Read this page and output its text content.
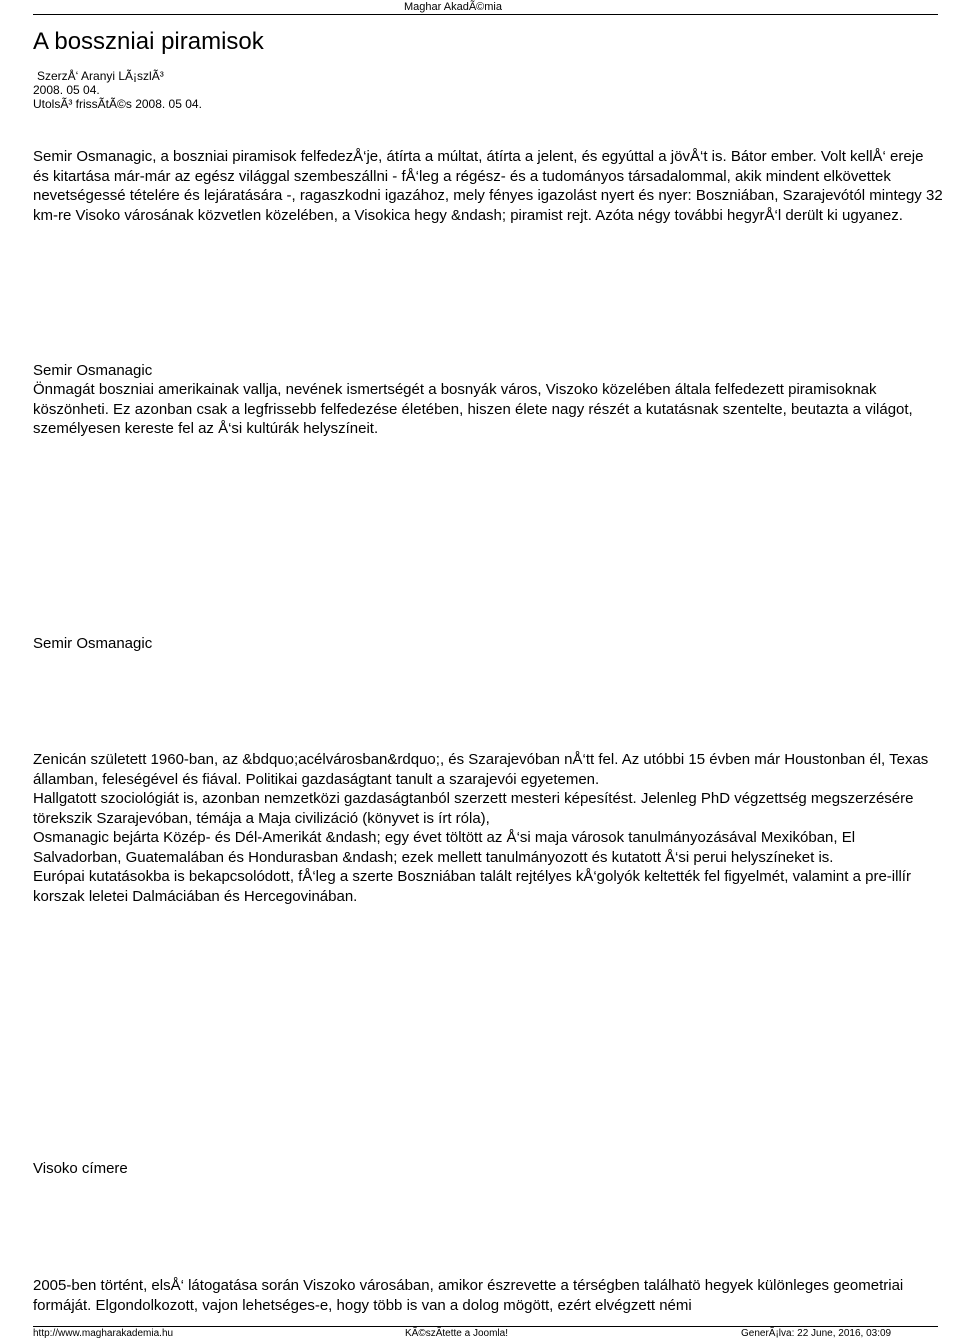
Maghar AkadÃ©mia
A bosszniai piramisok
SzerzÅ‘ Aranyi LÃ¡szlÃ³
2008. 05 04.
UtolsÃ³ frissÃtÃ©s 2008. 05 04.

Semir Osmanagic, a boszniai piramisok felfedezÅ‘je, átírta a múltat, átírta a jelent, és egyúttal a jövÅ‘t is. Bátor ember. Volt kellÅ‘ ereje és kitartása már-már az egész világgal szembeszállni - fÅ‘leg a régész- és a tudományos társadalommal, akik mindent elkövettek nevetségessé tételére és lejáratására -, ragaszkodni igazához, mely fényes igazolást nyert és nyer: Boszniában, Szarajevótól mintegy 32 km-re Visoko városának közvetlen közelében, a Visokica hegy &ndash; piramist rejt. Azóta négy további hegyrÅ‘l derült ki ugyanez.

Semir Osmanagic

Önmagát boszniai amerikainak vallja, nevének ismertségét a bosnyák város, Viszoko közelében általa felfedezett piramisoknak köszönheti. Ez azonban csak a legfrissebb felfedezése életében, hiszen élete nagy részét a kutatásnak szentelte, beutazta a világot, személyesen kereste fel az Å‘si kultúrák helyszíneit.

Semir Osmanagic

Zenicán született 1960-ban, az &bdquo;acélvárosban&rdquo;, és Szarajevóban nÅ‘tt fel. Az utóbbi 15 évben már Houstonban él, Texas államban, feleségével és fiával. Politikai gazdaságtant tanult a szarajevói egyetemen.

Hallgatott szociológiát is, azonban nemzetközi gazdaságtanból szerzett mesteri képesítést. Jelenleg PhD végzettség megszerzésére törekszik Szarajevóban, témája a Maja civilizáció (könyvet is írt róla),

Osmanagic bejárta Közép- és Dél-Amerikát &ndash; egy évet töltött az Å‘si maja városok tanulmányozásával Mexikóban, El Salvadorban, Guatemalában és Hondurasban &ndash; ezek mellett tanulmányozott és kutatott Å‘si perui helyszíneket is.

Európai kutatásokba is bekapcsolódott, fÅ‘leg a szerte Boszniában talált rejtélyes kÅ‘golyók keltették fel figyelmét, valamint a pre-illír korszak leletei Dalmáciában és Hercegovinában.

Visoko címere

2005-ben történt, elsÅ‘ látogatása során Viszoko városában, amikor észrevette a térségben találhatö hegyek különleges geometriai formáját. Elgondolkozott, vajon lehetséges-e, hogy több is van a dolog mögött, ezért elvégzett némi

http://www.magharakademia.hu	KÃ©szÃtette a Joomla!	GenerÃ¡lva: 22 June, 2016, 03:09
